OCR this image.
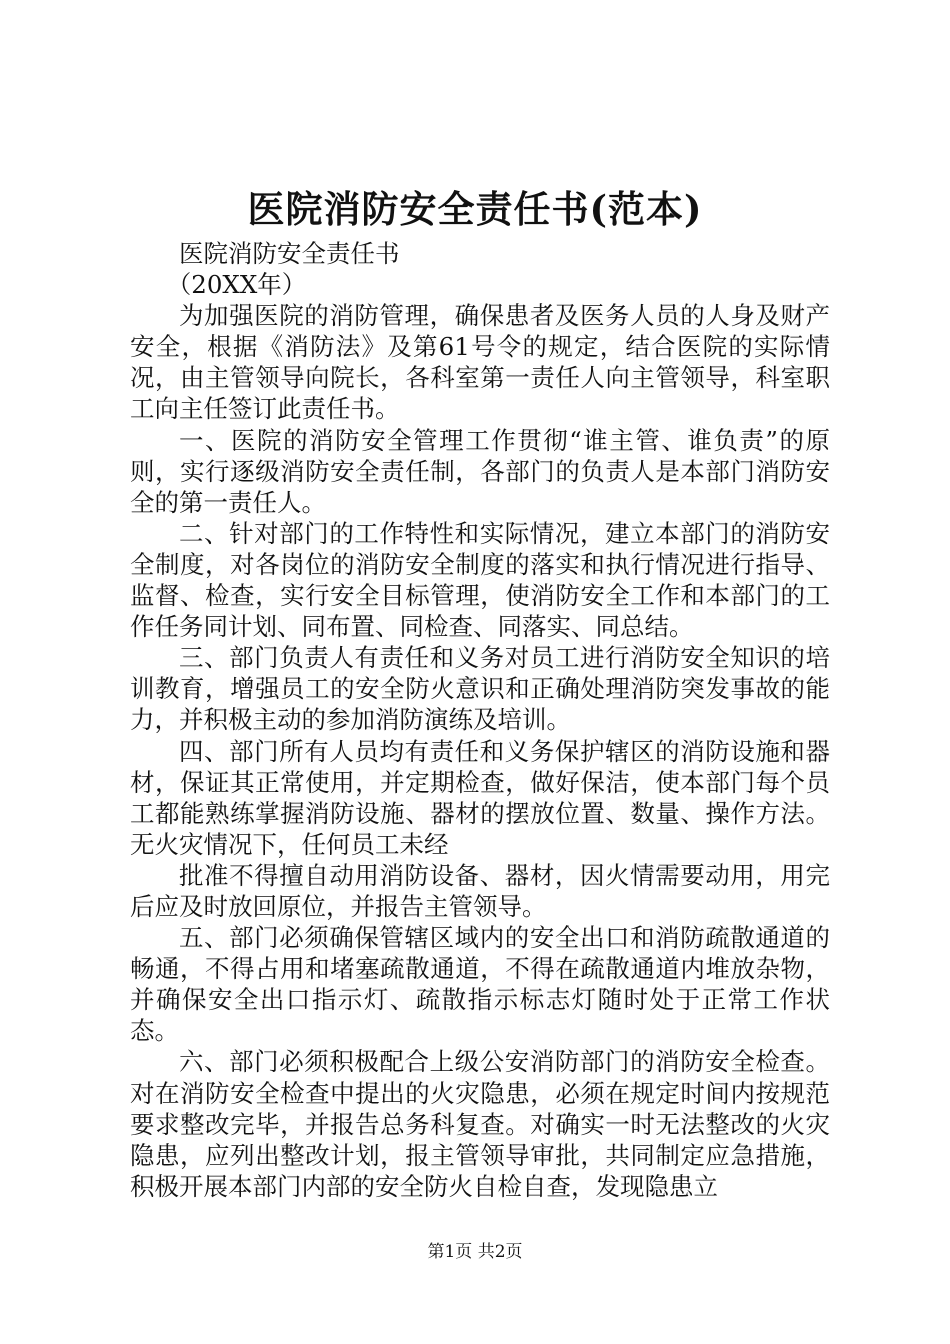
医院消防安全责任书(范本)

医院消防安全责任书

（20XX年）

为加强医院的消防管理，确保患者及医务人员的人身及财产安全，根据《消防法》及第61号令的规定，结合医院的实际情况，由主管领导向院长，各科室第一责任人向主管领导，科室职工向主任签订此责任书。

一、医院的消防安全管理工作贯彻“谁主管、谁负责”的原则，实行逐级消防安全责任制，各部门的负责人是本部门消防安全的第一责任人。

二、针对部门的工作特性和实际情况，建立本部门的消防安全制度，对各岗位的消防安全制度的落实和执行情况进行指导、监督、检查，实行安全目标管理，使消防安全工作和本部门的工作任务同计划、同布置、同检查、同落实、同总结。

三、部门负责人有责任和义务对员工进行消防安全知识的培训教育，增强员工的安全防火意识和正确处理消防突发事故的能力，并积极主动的参加消防演练及培训。

四、部门所有人员均有责任和义务保护辖区的消防设施和器材，保证其正常使用，并定期检查，做好保洁，使本部门每个员工都能熟练掌握消防设施、器材的摆放位置、数量、操作方法。无火灾情况下，任何员工未经

批准不得擅自动用消防设备、器材，因火情需要动用，用完后应及时放回原位，并报告主管领导。

五、部门必须确保管辖区域内的安全出口和消防疏散通道的畅通，不得占用和堵塞疏散通道，不得在疏散通道内堆放杂物，并确保安全出口指示灯、疏散指示标志灯随时处于正常工作状态。

六、部门必须积极配合上级公安消防部门的消防安全检查。对在消防安全检查中提出的火灾隐患，必须在规定时间内按规范要求整改完毕，并报告总务科复查。对确实一时无法整改的火灾隐患，应列出整改计划，报主管领导审批，共同制定应急措施，积极开展本部门内部的安全防火自检自查，发现隐患立

第1页 共2页
